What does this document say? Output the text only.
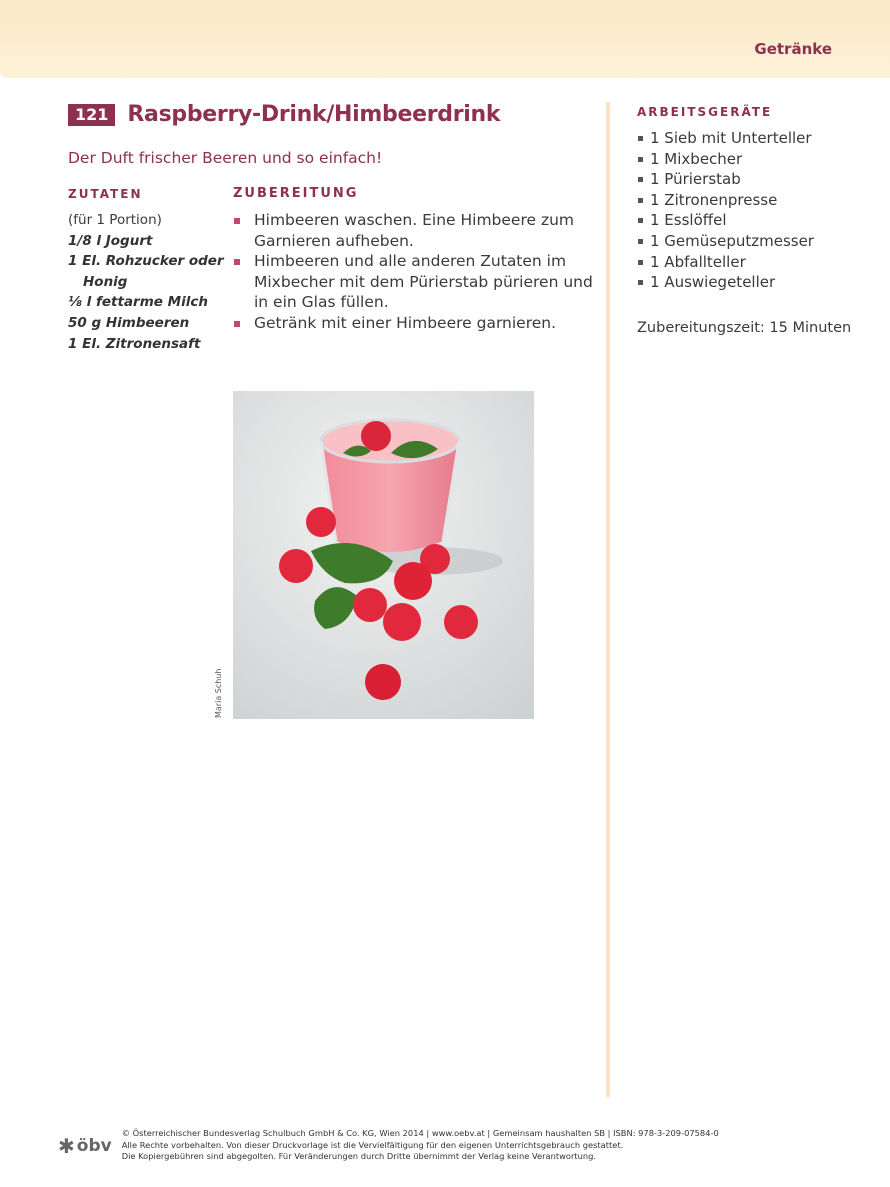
Getränke
121 Raspberry-Drink/Himbeerdrink
Der Duft frischer Beeren und so einfach!
ZUTATEN	ZUBEREITUNG
(für 1 Portion)
1/8 l Jogurt
1 El. Rohzucker oder
Honig
⅛ l fettarme Milch
50 g Himbeeren
1 El. Zitronensaft
Himbeeren waschen. Eine Himbeere zum Garnieren aufheben.
Himbeeren und alle anderen Zutaten im Mixbecher mit dem Pürierstab pürieren und in ein Glas füllen.
Getränk mit einer Himbeere garnieren.
ARBEITSGERÄTE
1 Sieb mit Unterteller
1 Mixbecher
1 Pürierstab
1 Zitronenpresse
1 Esslöffel
1 Gemüseputzmesser
1 Abfallteller
1 Auswiegeteller
Zubereitungszeit: 15 Minuten
Maria Schuh
✱ öbv
© Österreichischer Bundesverlag Schulbuch GmbH & Co. KG, Wien 2014 | www.oebv.at | Gemeinsam haushalten SB | ISBN: 978-3-209-07584-0
Alle Rechte vorbehalten. Von dieser Druckvorlage ist die Vervielfältigung für den eigenen Unterrichtsgebrauch gestattet.
Die Kopiergebühren sind abgegolten. Für Veränderungen durch Dritte übernimmt der Verlag keine Verantwortung.
